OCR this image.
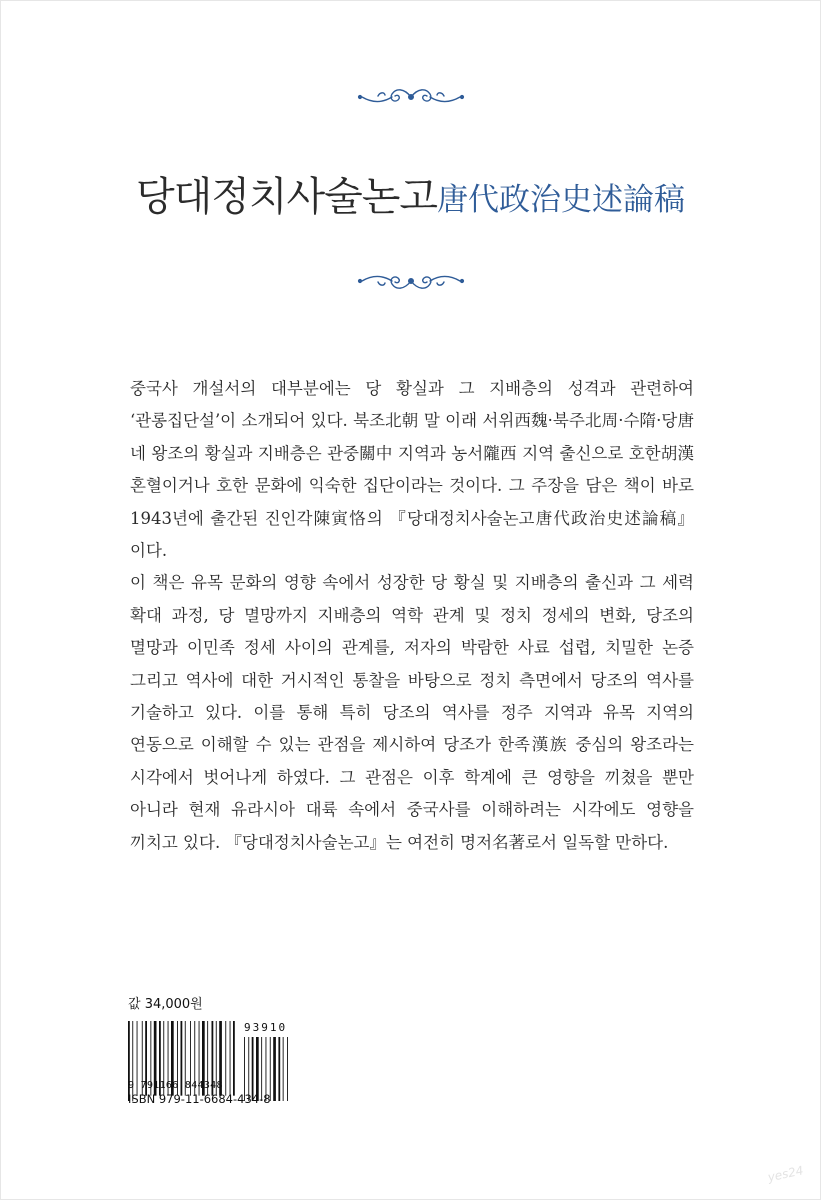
당대정치사술논고唐代政治史述論稿

중국사 개설서의 대부분에는 당 황실과 그 지배층의 성격과 관련하여 ‘관롱집단설’이 소개되어 있다. 북조北朝 말 이래 서위西魏·북주北周·수隋·당唐 네 왕조의 황실과 지배층은 관중關中 지역과 농서隴西 지역 출신으로 호한胡漢 혼혈이거나 호한 문화에 익숙한 집단이라는 것이다. 그 주장을 담은 책이 바로 1943년에 출간된 진인각陳寅恪의 『당대정치사술논고唐代政治史述論稿』이다.

이 책은 유목 문화의 영향 속에서 성장한 당 황실 및 지배층의 출신과 그 세력 확대 과정, 당 멸망까지 지배층의 역학 관계 및 정치 정세의 변화, 당조의 멸망과 이민족 정세 사이의 관계를, 저자의 박람한 사료 섭렵, 치밀한 논증 그리고 역사에 대한 거시적인 통찰을 바탕으로 정치 측면에서 당조의 역사를 기술하고 있다. 이를 통해 특히 당조의 역사를 정주 지역과 유목 지역의 연동으로 이해할 수 있는 관점을 제시하여 당조가 한족漢族 중심의 왕조라는 시각에서 벗어나게 하였다. 그 관점은 이후 학계에 큰 영향을 끼쳤을 뿐만 아니라 현재 유라시아 대륙 속에서 중국사를 이해하려는 시각에도 영향을 끼치고 있다. 『당대정치사술논고』는 여전히 명저名著로서 일독할 만하다.

값 34,000원
93910
9 791166 844348
ISBN 979-11-6684-434-8
yes24
